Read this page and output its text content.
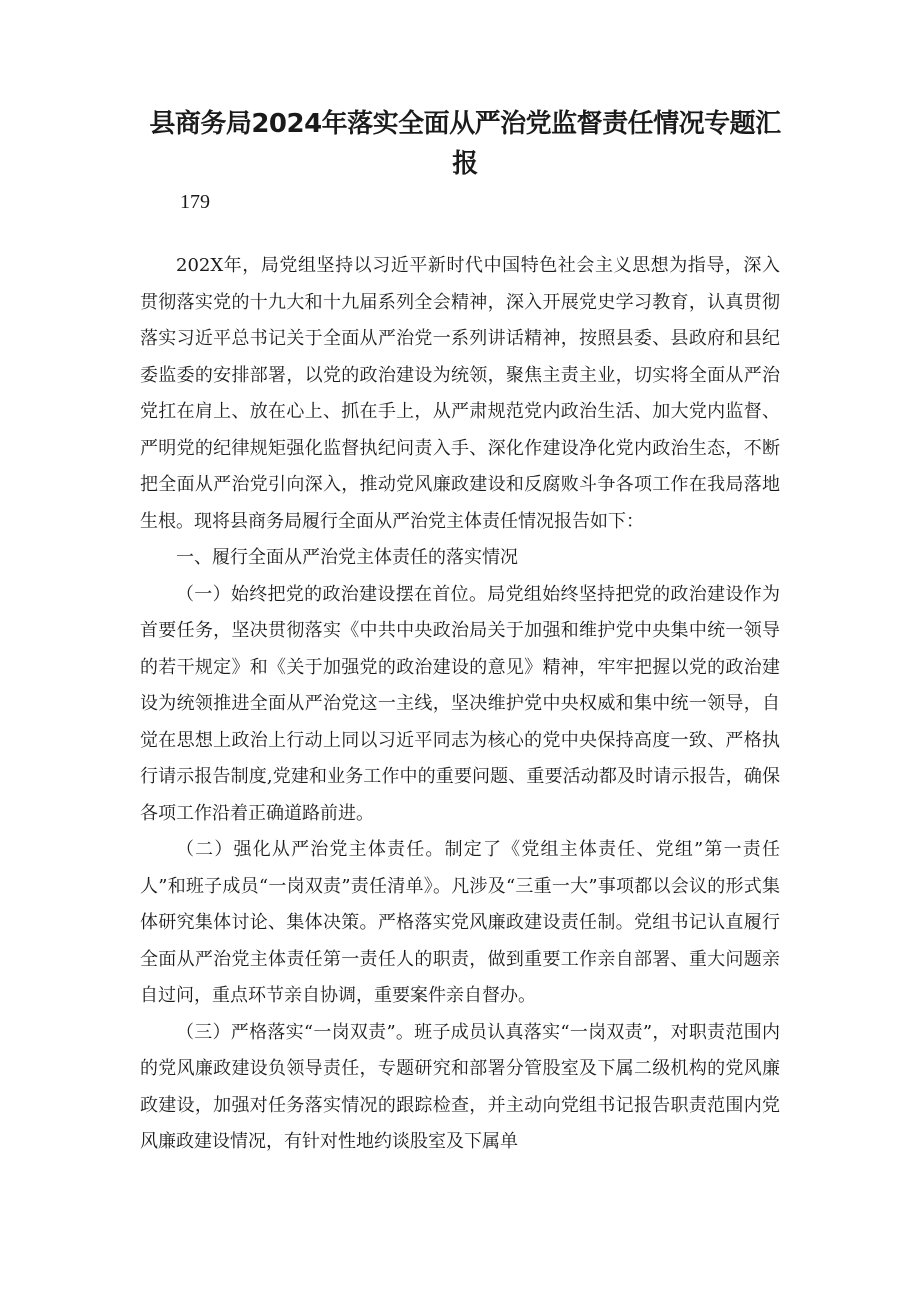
县商务局2024年落实全面从严治党监督责任情况专题汇报

179

202X年，局党组坚持以习近平新时代中国特色社会主义思想为指导，深入贯彻落实党的十九大和十九届系列全会精神，深入开展党史学习教育，认真贯彻落实习近平总书记关于全面从严治党一系列讲话精神，按照县委、县政府和县纪委监委的安排部署，以党的政治建设为统领，聚焦主责主业，切实将全面从严治党扛在肩上、放在心上、抓在手上，从严肃规范党内政治生活、加大党内监督、严明党的纪律规矩强化监督执纪问责入手、深化作建设净化党内政治生态，不断把全面从严治党引向深入，推动党风廉政建设和反腐败斗争各项工作在我局落地生根。现将县商务局履行全面从严治党主体责任情况报告如下：

一、履行全面从严治党主体责任的落实情况

（一）始终把党的政治建设摆在首位。局党组始终坚持把党的政治建设作为首要任务，坚决贯彻落实《中共中央政治局关于加强和维护党中央集中统一领导的若干规定》和《关于加强党的政治建设的意见》精神，牢牢把握以党的政治建设为统领推进全面从严治党这一主线，坚决维护党中央权威和集中统一领导，自觉在思想上政治上行动上同以习近平同志为核心的党中央保持高度一致、严格执行请示报告制度,党建和业务工作中的重要问题、重要活动都及时请示报告，确保各项工作沿着正确道路前进。

（二）强化从严治党主体责任。制定了《党组主体责任、党组”第一责任人”和班子成员“一岗双责”责任清单》。凡涉及“三重一大”事项都以会议的形式集体研究集体讨论、集体决策。严格落实党风廉政建设责任制。党组书记认直履行全面从严治党主体责任第一责任人的职责，做到重要工作亲自部署、重大问题亲自过问，重点环节亲自协调，重要案件亲自督办。

（三）严格落实“一岗双责”。班子成员认真落实“一岗双责”，对职责范围内的党风廉政建设负领导责任，专题研究和部署分管股室及下属二级机构的党风廉政建设，加强对任务落实情况的跟踪检查，并主动向党组书记报告职责范围内党风廉政建设情况，有针对性地约谈股室及下属单
